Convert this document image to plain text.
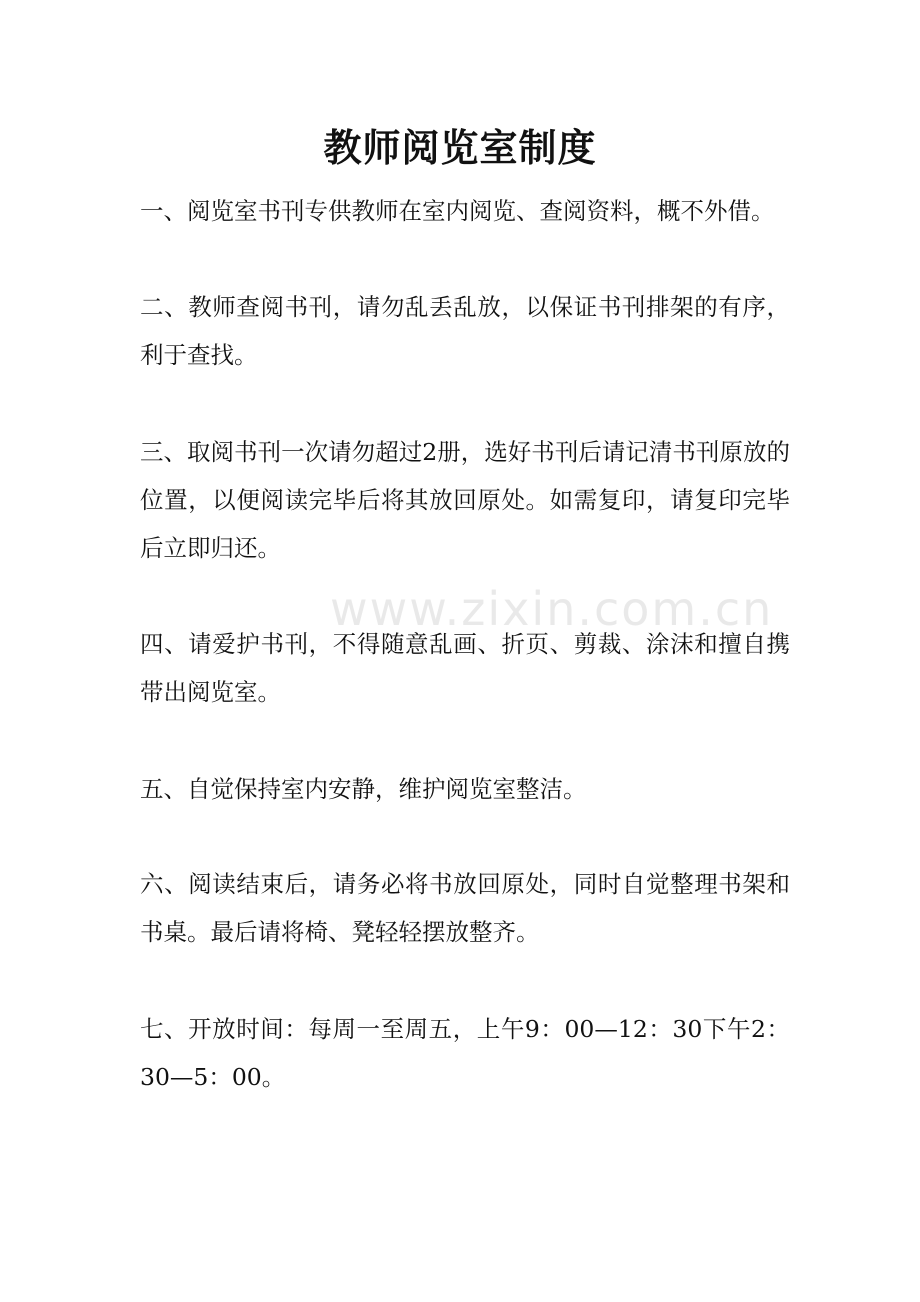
教师阅览室制度

一、阅览室书刊专供教师在室内阅览、查阅资料，概不外借。

二、教师查阅书刊，请勿乱丢乱放，以保证书刊排架的有序，利于查找。

三、取阅书刊一次请勿超过2册，选好书刊后请记清书刊原放的位置，以便阅读完毕后将其放回原处。如需复印，请复印完毕后立即归还。

四、请爱护书刊，不得随意乱画、折页、剪裁、涂沫和擅自携带出阅览室。

五、自觉保持室内安静，维护阅览室整洁。

六、阅读结束后，请务必将书放回原处，同时自觉整理书架和书桌。最后请将椅、凳轻轻摆放整齐。

七、开放时间：每周一至周五，上午9：00—12：30下午2：30—5：00。

www.zixin.com.cn
